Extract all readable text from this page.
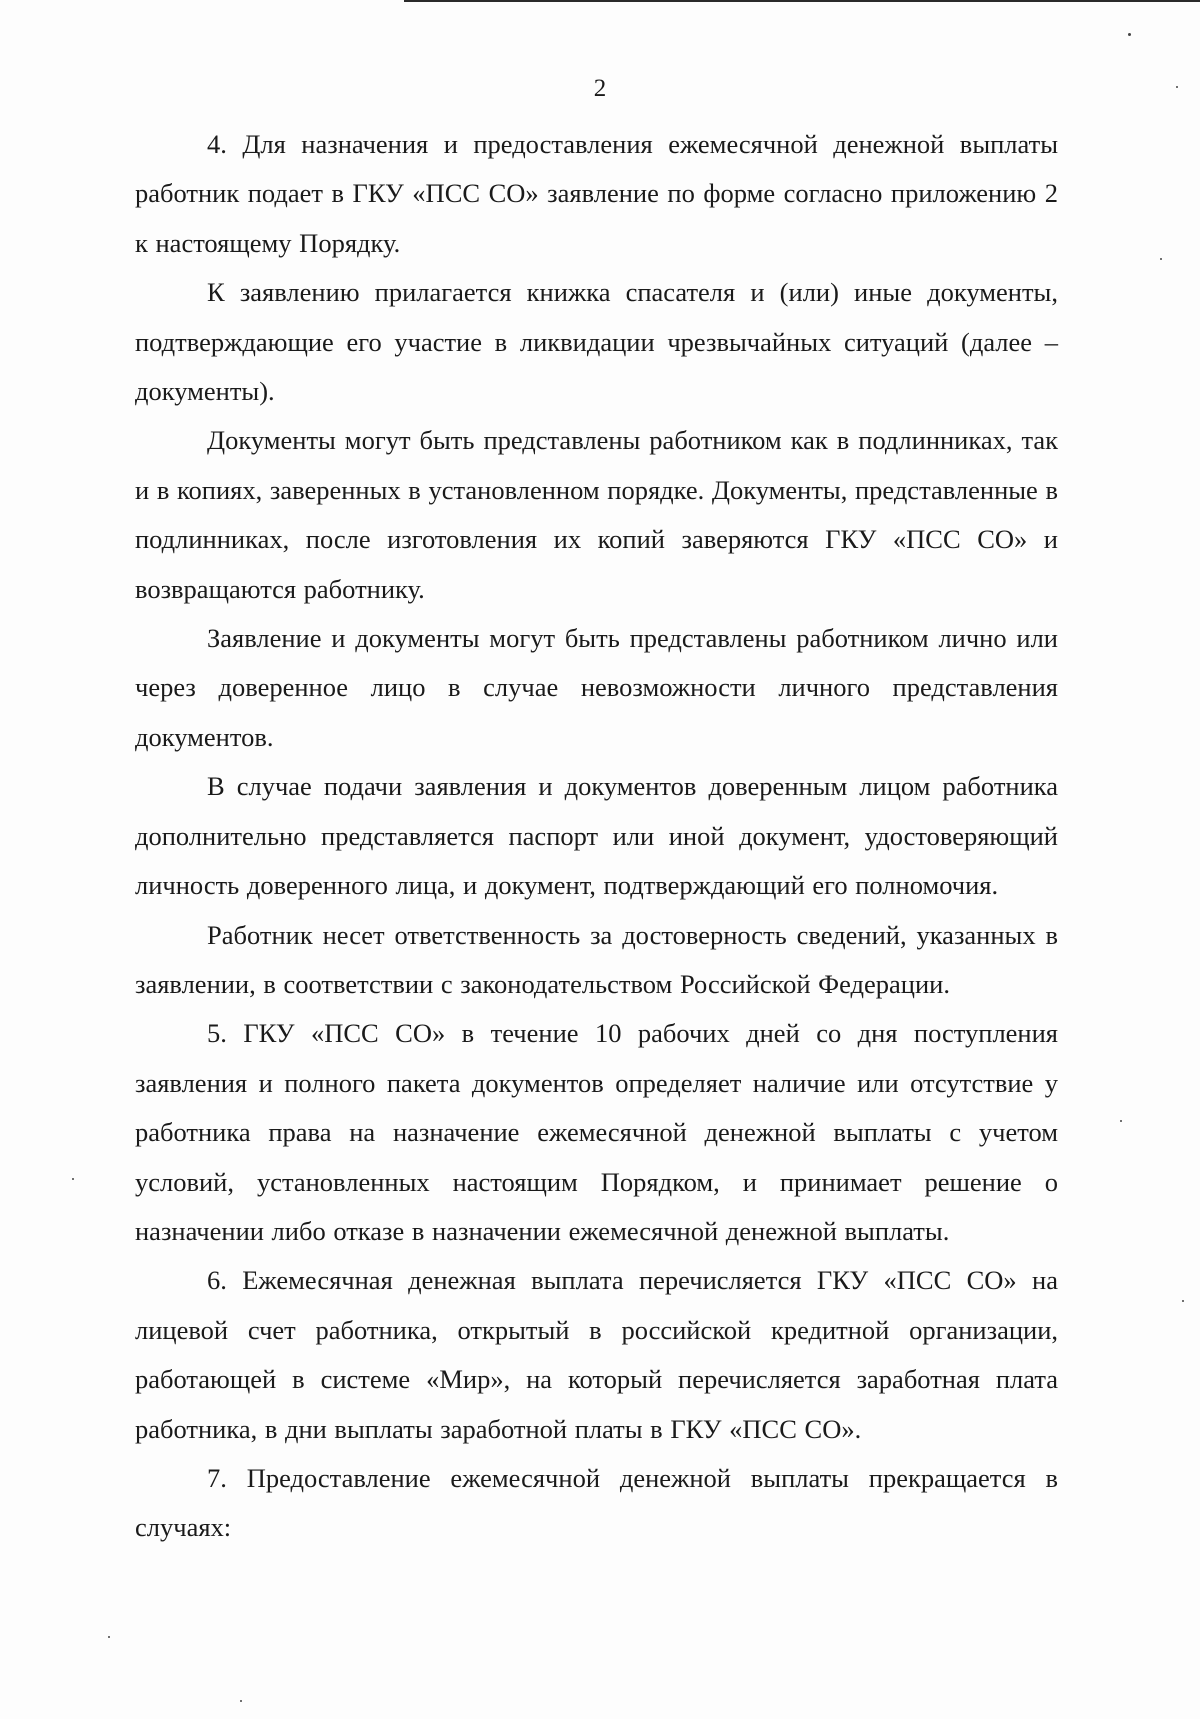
2

4. Для назначения и предоставления ежемесячной денежной выплаты работник подает в ГКУ «ПСС СО» заявление по форме согласно приложению 2 к настоящему Порядку.

К заявлению прилагается книжка спасателя и (или) иные документы, подтверждающие его участие в ликвидации чрезвычайных ситуаций (далее – документы).

Документы могут быть представлены работником как в подлинниках, так и в копиях, заверенных в установленном порядке. Документы, представленные в подлинниках, после изготовления их копий заверяются ГКУ «ПСС СО» и возвращаются работнику.

Заявление и документы могут быть представлены работником лично или через доверенное лицо в случае невозможности личного представления документов.

В случае подачи заявления и документов доверенным лицом работника дополнительно представляется паспорт или иной документ, удостоверяющий личность доверенного лица, и документ, подтверждающий его полномочия.

Работник несет ответственность за достоверность сведений, указанных в заявлении, в соответствии с законодательством Российской Федерации.

5. ГКУ «ПСС СО» в течение 10 рабочих дней со дня поступления заявления и полного пакета документов определяет наличие или отсутствие у работника права на назначение ежемесячной денежной выплаты с учетом условий, установленных настоящим Порядком, и принимает решение о назначении либо отказе в назначении ежемесячной денежной выплаты.

6. Ежемесячная денежная выплата перечисляется ГКУ «ПСС СО» на лицевой счет работника, открытый в российской кредитной организации, работающей в системе «Мир», на который перечисляется заработная плата работника, в дни выплаты заработной платы в ГКУ «ПСС СО».

7. Предоставление ежемесячной денежной выплаты прекращается в случаях:
